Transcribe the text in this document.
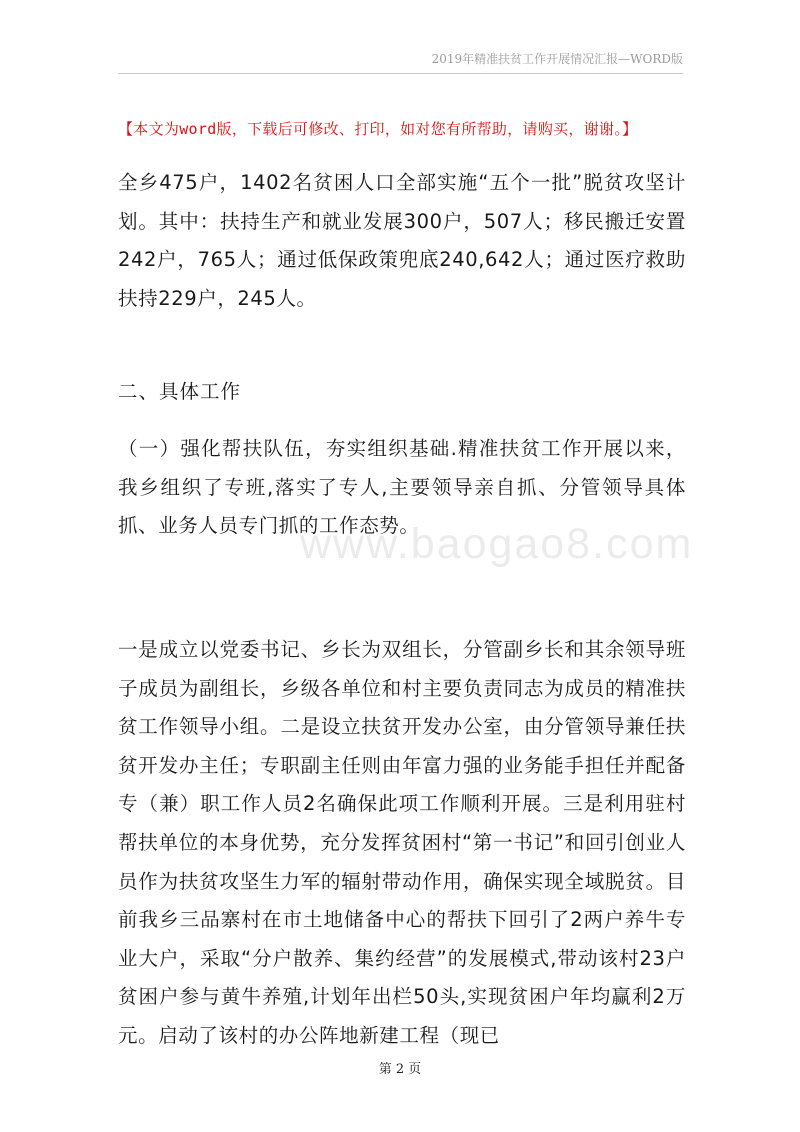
2019年精准扶贫工作开展情况汇报—WORD版
【本文为word版，下载后可修改、打印，如对您有所帮助，请购买，谢谢。】

全乡475户，1402名贫困人口全部实施“五个一批”脱贫攻坚计划。其中：扶持生产和就业发展300户，507人；移民搬迁安置242户，765人；通过低保政策兜底240,642人；通过医疗救助扶持229户，245人。

二、具体工作

（一）强化帮扶队伍，夯实组织基础.精准扶贫工作开展以来，我乡组织了专班,落实了专人,主要领导亲自抓、分管领导具体抓、业务人员专门抓的工作态势。

www.baogao8.com

一是成立以党委书记、乡长为双组长，分管副乡长和其余领导班子成员为副组长，乡级各单位和村主要负责同志为成员的精准扶贫工作领导小组。二是设立扶贫开发办公室，由分管领导兼任扶贫开发办主任；专职副主任则由年富力强的业务能手担任并配备专（兼）职工作人员2名确保此项工作顺利开展。三是利用驻村帮扶单位的本身优势，充分发挥贫困村“第一书记”和回引创业人员作为扶贫攻坚生力军的辐射带动作用，确保实现全域脱贫。目前我乡三品寨村在市土地储备中心的帮扶下回引了2两户养牛专业大户，采取“分户散养、集约经营”的发展模式,带动该村23户贫困户参与黄牛养殖,计划年出栏50头,实现贫困户年均赢利2万元。启动了该村的办公阵地新建工程（现已

第 2 页
